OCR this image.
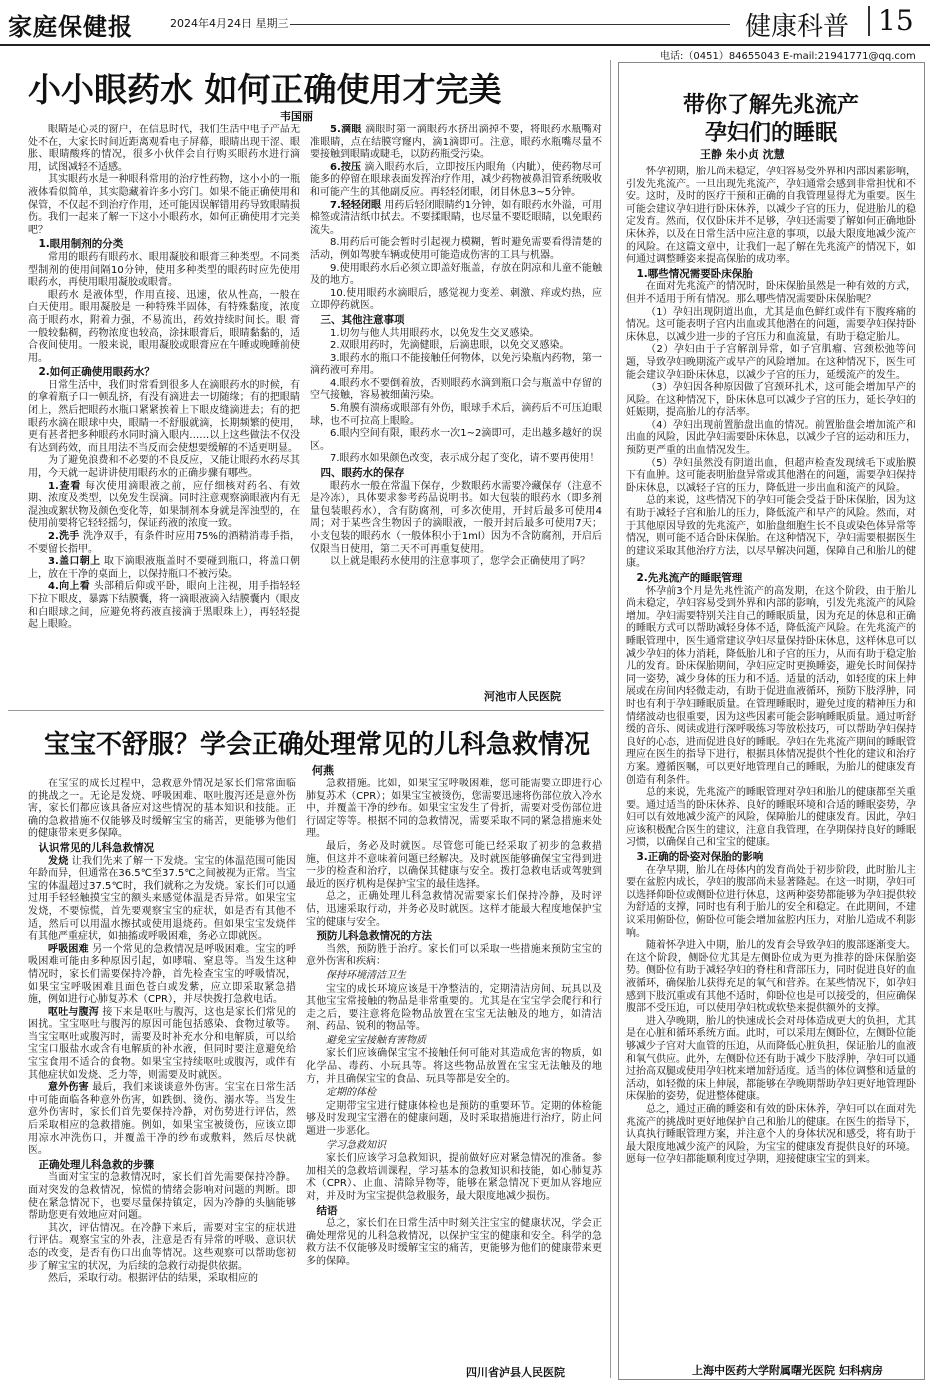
家庭保健报	2024年4月24日 星期三	健康科普 15
电话:（0451）84655043 E-mail:21941771@qq.com
小小眼药水 如何正确使用才完美
韦国丽

眼睛是心灵的窗户，在信息时代，我们生活中电子产品无处不在，大家长时间近距离观看电子屏幕，眼睛出现干涩、眼胀、眼睛酸疼的情况，很多小伙伴会自行购买眼药水进行滴用，试图减轻不适感。

其实眼药水是一种眼科常用的治疗性药物，这小小的一瓶液体看似简单，其实隐藏着许多小窍门。如果不能正确使用和保管，不仅起不到治疗作用，还可能因误解错用药导致眼睛损伤。我们一起来了解一下这小小眼药水，如何正确使用才完美吧？

1.眼用制剂的分类

常用的眼药有眼药水、眼用凝胶和眼膏三种类型。不同类型制剂的使用间隔10分钟，使用多种类型的眼药时应先使用眼药水，再使用眼用凝胶或眼膏。

眼药水 是液体型，作用直接、迅速，依从性高，一般在白天使用。眼用凝胶是 一种特殊半固体，有特殊黏度，浓度高于眼药水，附着力强，不易流出，药效持续时间长。眼 膏 一般较黏稠，药物浓度也较高，涂抹眼膏后，眼睛黏黏的，适合夜间使用。一般来说，眼用凝胶或眼膏应在午睡或晚睡前使用。

2.如何正确使用眼药水？

日常生活中，我们时常看到很多人在滴眼药水的时候，有的拿着瓶子口一顿乱挤，有没有滴进去一切随缘；有的把眼睛闭上，然后把眼药水瓶口紧紧挨着上下眼皮缝滴进去；有的把眼药水滴在眼球中央，眼睛一不舒服就滴，长期频繁的使用，更有甚者把多种眼药水同时滴入眼内……以上这些做法不仅没有达到药效，而且用法不当反而会使想要缓解的不适更明显。

为了避免浪费和不必要的不良反应，又能让眼药水药尽其用，今天就一起讲讲使用眼药水的正确步骤有哪些。

1.查看 每次使用滴眼液之前，应仔细核对药名、有效期、浓度及类型，以免发生误滴。同时注意观察滴眼液内有无混浊或絮状物及颜色变化等，如果制剂本身就是浑浊型的，在使用前要将它轻轻摇匀，保证药液的浓度一致。

2.洗手 洗净双手，有条件时应用75%的酒精消毒手指，不要留长指甲。

3.盖口朝上 取下滴眼液瓶盖时不要碰到瓶口，将盖口朝上，放在干净的桌面上，以保持瓶口不被污染。

4.向上看 头部稍后仰或平卧，眼向上注视，用手指轻轻下拉下眼皮，暴露下结膜囊，将一滴眼液滴入结膜囊内（眼皮和白眼球之间，应避免将药液直接滴于黑眼珠上），再轻轻提起上眼睑。

5.滴眼 滴眼时第一滴眼药水挤出滴掉不要，将眼药水瓶嘴对准眼睛，点在结膜穹窿内，滴1滴即可。注意，眼药水瓶嘴尽量不要接触到眼睛或睫毛，以防药瓶受污染。

6.按压 滴入眼药水后，立即按压内眼角（内眦），使药物尽可能多的停留在眼球表面发挥治疗作用，减少药物被鼻泪管系统吸收和可能产生的其他副反应。再轻轻闭眼，闭目休息3~5分钟。

7.轻轻闭眼 用药后轻闭眼睛约1分钟，如有眼药水外溢，可用棉签或清洁纸巾拭去。不要揉眼睛，也尽量不要眨眼睛，以免眼药流失。

8.用药后可能会暂时引起视力模糊，暂时避免需要看得清楚的活动，例如驾驶车辆或使用可能造成伤害的工具与机器。

9.使用眼药水后必须立即盖好瓶盖，存放在阴凉和儿童不能触及的地方。

10.使用眼药水滴眼后，感觉视力变差、刺激、痒或灼热，应立即停药就医。

三、其他注意事项

1.切勿与他人共用眼药水，以免发生交叉感染。

2.双眼用药时，先滴健眼，后滴患眼，以免交叉感染。

3.眼药水的瓶口不能接触任何物体，以免污染瓶内药物，第一滴药液可弃用。

4.眼药水不要倒着放，否则眼药水滴到瓶口会与瓶盖中存留的空气接触，容易被细菌污染。

5.角膜有溃疡或眼部有外伤，眼球手术后，滴药后不可压迫眼球，也不可拉高上眼睑。

6.眼内空间有限，眼药水一次1~2滴即可，走出越多越好的误区。

7.眼药水如果颜色改变，表示成分起了变化，请不要再使用！

四、眼药水的保存

眼药水一般在常温下保存，少数眼药水需要冷藏保存（注意不是冷冻），具体要求参考药品说明书。如大包装的眼药水（即多剂量包装眼药水），含有防腐剂，可多次使用，开封后最多可使用4周；对于某些含生物因子的滴眼液，一般开封后最多可使用7天；小支包装的眼药水（一般体积小于1ml）因为不含防腐剂，开启后仅限当日使用，第二天不可再重复使用。

以上就是眼药水使用的注意事项了，您学会正确使用了吗？

河池市人民医院
宝宝不舒服？学会正确处理常见的儿科急救情况
何燕

在宝宝的成长过程中，急救意外情况是家长们常常面临的挑战之一。无论是发烧、呼吸困难、呕吐腹泻还是意外伤害，家长们都应该具备应对这些情况的基本知识和技能。正确的急救措施不仅能够及时缓解宝宝的痛苦，更能够为他们的健康带来更多保障。

认识常见的儿科急救情况

发烧 让我们先来了解一下发烧。宝宝的体温范围可能因年龄而异，但通常在36.5℃至37.5℃之间被视为正常。当宝宝的体温超过37.5℃时，我们就称之为发烧。家长们可以通过用手轻轻触摸宝宝的额头来感觉体温是否异常。如果宝宝发烧，不要惊慌，首先要观察宝宝的症状，如是否有其他不适，然后可以用温水擦拭或使用退烧药。但如果宝宝发烧伴有其他严重症状，如抽搐或呼吸困难，务必立即就医。

呼吸困难 另一个常见的急救情况是呼吸困难。宝宝的呼吸困难可能由多种原因引起，如哮喘、窒息等。当发生这种情况时，家长们需要保持冷静，首先检查宝宝的呼吸情况，如果宝宝呼吸困难且面色苍白或发紫，应立即采取紧急措施，例如进行心肺复苏术（CPR），并尽快拨打急救电话。

呕吐与腹泻 接下来是呕吐与腹泻，这也是家长们常见的困扰。宝宝呕吐与腹泻的原因可能包括感染、食物过敏等。当宝宝呕吐或腹泻时，需要及时补充水分和电解质，可以给宝宝口服盐水或含有电解质的补水液，但同时要注意避免给宝宝食用不适合的食物。如果宝宝持续呕吐或腹泻，或伴有其他症状如发烧、乏力等，则需要及时就医。

意外伤害 最后，我们来谈谈意外伤害。宝宝在日常生活中可能面临各种意外伤害，如跌倒、烫伤、溺水等。当发生意外伤害时，家长们首先要保持冷静，对伤势进行评估，然后采取相应的急救措施。例如，如果宝宝被烫伤，应该立即用凉水冲洗伤口，并覆盖干净的纱布或敷料，然后尽快就医。

正确处理儿科急救的步骤

当面对宝宝的急救情况时，家长们首先需要保持冷静。面对突发的急救情况，惊慌的情绪会影响对问题的判断。即使在紧急情况下，也要尽量保持镇定，因为冷静的头脑能够帮助您更有效地应对问题。

其次，评估情况。在冷静下来后，需要对宝宝的症状进行评估。观察宝宝的外表，注意是否有异常的呼吸、意识状态的改变，是否有伤口出血等情况。这些观察可以帮助您初步了解宝宝的状况，为后续的急救行动提供依据。

然后，采取行动。根据评估的结果，采取相应的

急救措施。比如，如果宝宝呼吸困难，您可能需要立即进行心肺复苏术（CPR）；如果宝宝被烫伤，您需要迅速将伤部位放入冷水中，并覆盖干净的纱布。如果宝宝发生了骨折，需要对受伤部位进行固定等等。根据不同的急救情况，需要采取不同的紧急措施来处理。

最后，务必及时就医。尽管您可能已经采取了初步的急救措施，但这并不意味着问题已经解决。及时就医能够确保宝宝得到进一步的检查和治疗，以确保其健康与安全。拨打急救电话或驾驶到最近的医疗机构是保护宝宝的最佳选择。

总之，正确处理儿科急救情况需要家长们保持冷静，及时评估，迅速采取行动，并务必及时就医。这样才能最大程度地保护宝宝的健康与安全。

预防儿科急救情况的方法

当然，预防胜于治疗。家长们可以采取一些措施来预防宝宝的意外伤害和疾病：

保持环境清洁卫生

宝宝的成长环境应该是干净整洁的，定期清洁房间、玩具以及其他宝宝常接触的物品是非常重要的。尤其是在宝宝学会爬行和行走之后，要注意将危险物品放置在宝宝无法触及的地方，如清洁剂、药品、锐利的物品等。

避免宝宝接触有害物质

家长们应该确保宝宝不接触任何可能对其造成危害的物质，如化学品、毒药、小玩具等。将这些物品放置在宝宝无法触及的地方，并且确保宝宝的食品、玩具等都是安全的。

定期的体检

定期带宝宝进行健康体检也是预防的重要环节。定期的体检能够及时发现宝宝潜在的健康问题，及时采取措施进行治疗，防止问题进一步恶化。

学习急救知识

家长们应该学习急救知识，提前做好应对紧急情况的准备。参加相关的急救培训课程，学习基本的急救知识和技能，如心肺复苏术（CPR）、止血、清除异物等，能够在紧急情况下更加从容地应对，并及时为宝宝提供急救服务，最大限度地减少损伤。

结语

总之，家长们在日常生活中时刻关注宝宝的健康状况，学会正确处理常见的儿科急救情况，以保护宝宝的健康和安全。科学的急救方法不仅能够及时缓解宝宝的痛苦，更能够为他们的健康带来更多的保障。

四川省泸县人民医院
带你了解先兆流产
孕妇们的睡眠
王静 朱小贞 沈慧

怀孕初期，胎儿尚未稳定，孕妇容易受外界和内部因素影响，引发先兆流产。一旦出现先兆流产，孕妇通常会感到非常担忧和不安。这时，及时的医疗干预和正确的自我管理显得尤为重要。医生可能会建议孕妇进行卧床休养，以减少子宫的压力，促进胎儿的稳定发育。然而，仅仅卧床并不足够，孕妇还需要了解如何正确地卧床休养，以及在日常生活中应注意的事项，以最大限度地减少流产的风险。在这篇文章中，让我们一起了解在先兆流产的情况下，如何通过调整睡姿来提高保胎的成功率。

1.哪些情况需要卧床保胎

在面对先兆流产的情况时，卧床保胎虽然是一种有效的方式，但并不适用于所有情况。那么哪些情况需要卧床保胎呢？

（1）孕妇出现阴道出血，尤其是血色鲜红或伴有下腹疼痛的情况。这可能表明子宫内出血或其他潜在的问题，需要孕妇保持卧床休息，以减少进一步的子宫压力和血流量，有助于稳定胎儿。

（2）孕妇由于子宫解剖异常，如子宫肌瘤、宫颈松弛等问题，导致孕妇晚期流产或早产的风险增加。在这种情况下，医生可能会建议孕妇卧床休息，以减少子宫的压力，延缓流产的发生。

（3）孕妇因各种原因做了宫颈环扎术，这可能会增加早产的风险。在这种情况下，卧床休息可以减少子宫的压力，延长孕妇的妊娠期，提高胎儿的存活率。

（4）孕妇出现前置胎盘出血的情况。前置胎盘会增加流产和出血的风险，因此孕妇需要卧床休息，以减少子宫的运动和压力，预防更严重的出血情况发生。

（5）孕妇虽然没有阴道出血，但超声检查发现绒毛下或胎膜下有血肿。这可能表明胎盘异常或其他潜在的问题，需要孕妇保持卧床休息，以减轻子宫的压力，降低进一步出血和流产的风险。

总的来说，这些情况下的孕妇可能会受益于卧床保胎，因为这有助于减轻子宫和胎儿的压力，降低流产和早产的风险。然而，对于其他原因导致的先兆流产，如胎盘细胞生长不良或染色体异常等情况，则可能不适合卧床保胎。在这种情况下，孕妇需要根据医生的建议采取其他治疗方法，以尽早解决问题，保障自己和胎儿的健康。

2.先兆流产的睡眠管理

怀孕前3个月是先兆性流产的高发期，在这个阶段，由于胎儿尚未稳定，孕妇容易受到外界和内部的影响，引发先兆流产的风险增加。孕妇需要特别关注自己的睡眠质量，因为充足的休息和正确的睡眠方式可以帮助减轻身体不适，降低流产风险。在先兆流产的睡眠管理中，医生通常建议孕妇尽量保持卧床休息，这样休息可以减少孕妇的体力消耗，降低胎儿和子宫的压力，从而有助于稳定胎儿的发育。卧床保胎期间，孕妇应定时更换睡姿，避免长时间保持同一姿势，减少身体的压力和不适。适量的活动，如轻度的床上伸展或在房间内轻微走动，有助于促进血液循环，预防下肢浮肿，同时也有利于孕妇睡眠质量。在管理睡眠时，避免过度的精神压力和情绪波动也很重要，因为这些因素可能会影响睡眠质量。通过听舒缓的音乐、阅读或进行深呼吸练习等放松技巧，可以帮助孕妇保持良好的心态，进而促进良好的睡眠。孕妇在先兆流产期间的睡眠管理应在医生的指导下进行，根据具体情况提供个性化的建议和治疗方案。遵循医嘱，可以更好地管理自己的睡眠，为胎儿的健康发育创造有利条件。

总的来说，先兆流产的睡眠管理对孕妇和胎儿的健康都至关重要。通过适当的卧床休养、良好的睡眠环境和合适的睡眠姿势，孕妇可以有效地减少流产的风险，保障胎儿的健康发育。因此，孕妇应该积极配合医生的建议，注意自我管理，在孕期保持良好的睡眠习惯，以确保自己和宝宝的健康。

3.正确的卧姿对保胎的影响

在孕早期，胎儿在母体内的发育尚处于初步阶段，此时胎儿主要在盆腔内成长，孕妇的腹部尚未显著隆起。在这一时期，孕妇可以选择仰卧位或侧卧位进行休息，这两种姿势都能够为孕妇提供较为舒适的支撑，同时也有利于胎儿的安全和稳定。在此期间，不建议采用俯卧位，俯卧位可能会增加盆腔内压力，对胎儿造成不利影响。

随着怀孕进入中期，胎儿的发育会导致孕妇的腹部逐渐变大。在这个阶段，侧卧位尤其是左侧卧位成为更为推荐的卧床保胎姿势。侧卧位有助于减轻孕妇的脊柱和背部压力，同时促进良好的血液循环，确保胎儿获得充足的氧气和营养。在某些情况下，如孕妇感到下肢沉重或有其他不适时，仰卧位也是可以接受的，但应确保腹部不受压迫，可以使用孕妇枕或软垫来提供额外的支撑。

进入孕晚期，胎儿的快速成长会对母体造成更大的负担，尤其是在心脏和循环系统方面。此时，可以采用左侧卧位，左侧卧位能够减少子宫对大血管的压迫，从而降低心脏负担，保证胎儿的血液和氧气供应。此外，左侧卧位还有助于减少下肢浮肿，孕妇可以通过抬高双腿或使用孕妇枕来增加舒适度。适当的体位调整和适量的活动，如轻微的床上伸展，都能够在孕晚期帮助孕妇更好地管理卧床保胎的姿势，促进整体健康。

总之，通过正确的睡姿和有效的卧床休养，孕妇可以在面对先兆流产的挑战时更好地保护自己和胎儿的健康。在医生的指导下，认真执行睡眠管理方案，并注意个人的身体状况和感受，将有助于最大限度地减少流产的风险，为宝宝的健康发育提供良好的环境。愿每一位孕妇都能顺利度过孕期，迎接健康宝宝的到来。

上海中医药大学附属曙光医院 妇科病房
